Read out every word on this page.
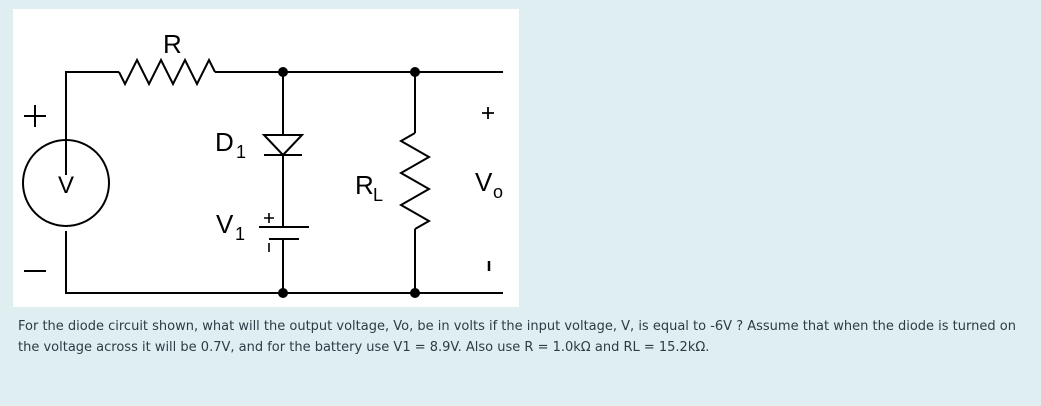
R
V
D 1
V 1
R L	V o

For the diode circuit shown, what will the output voltage, Vo, be in volts if the input voltage, V, is equal to -6V ? Assume that when the diode is turned on the voltage across it will be 0.7V, and for the battery use V1 = 8.9V. Also use R = 1.0kΩ and RL = 15.2kΩ.
